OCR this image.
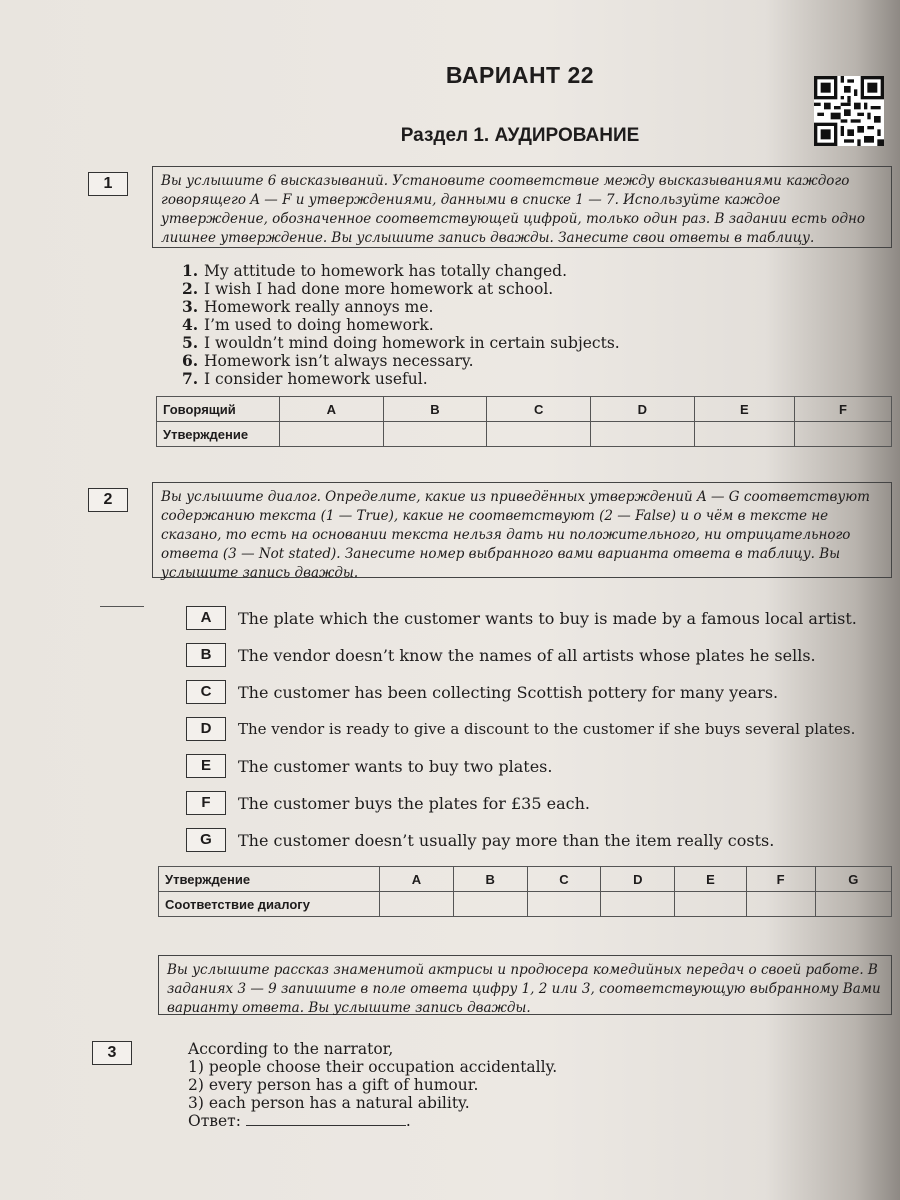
ВАРИАНТ 22
Раздел 1. АУДИРОВАНИЕ
1	Вы услышите 6 высказываний. Установите соответствие между высказываниями каждого говорящего A — F и утверждениями, данными в списке 1 — 7. Используйте каждое утверждение, обозначенное соответствующей цифрой, только один раз. В задании есть одно лишнее утверждение. Вы услышите запись дважды. Занесите свои ответы в таблицу.
1. My attitude to homework has totally changed.
2. I wish I had done more homework at school.
3. Homework really annoys me.
4. I’m used to doing homework.
5. I wouldn’t mind doing homework in certain subjects.
6. Homework isn’t always necessary.
7. I consider homework useful.
Говорящий	A	B	C	D	E	F
Утверждение						
2	Вы услышите диалог. Определите, какие из приведённых утверждений A — G соответствуют содержанию текста (1 — True), какие не соответствуют (2 — False) и о чём в тексте не сказано, то есть на основании текста нельзя дать ни положительного, ни отрицательного ответа (3 — Not stated). Занесите номер выбранного вами варианта ответа в таблицу. Вы услышите запись дважды.
A The plate which the customer wants to buy is made by a famous local artist.
B The vendor doesn’t know the names of all artists whose plates he sells.
C The customer has been collecting Scottish pottery for many years.
D The vendor is ready to give a discount to the customer if she buys several plates.
E The customer wants to buy two plates.
F The customer buys the plates for £35 each.
G The customer doesn’t usually pay more than the item really costs.
Утверждение	A	B	C	D	E	F	G
Соответствие диалогу							
Вы услышите рассказ знаменитой актрисы и продюсера комедийных передач о своей работе. В заданиях 3 — 9 запишите в поле ответа цифру 1, 2 или 3, соответствующую выбранному Вами варианту ответа. Вы услышите запись дважды.
3	According to the narrator,
1) people choose their occupation accidentally.
2) every person has a gift of humour.
3) each person has a natural ability.
Ответ:	.
